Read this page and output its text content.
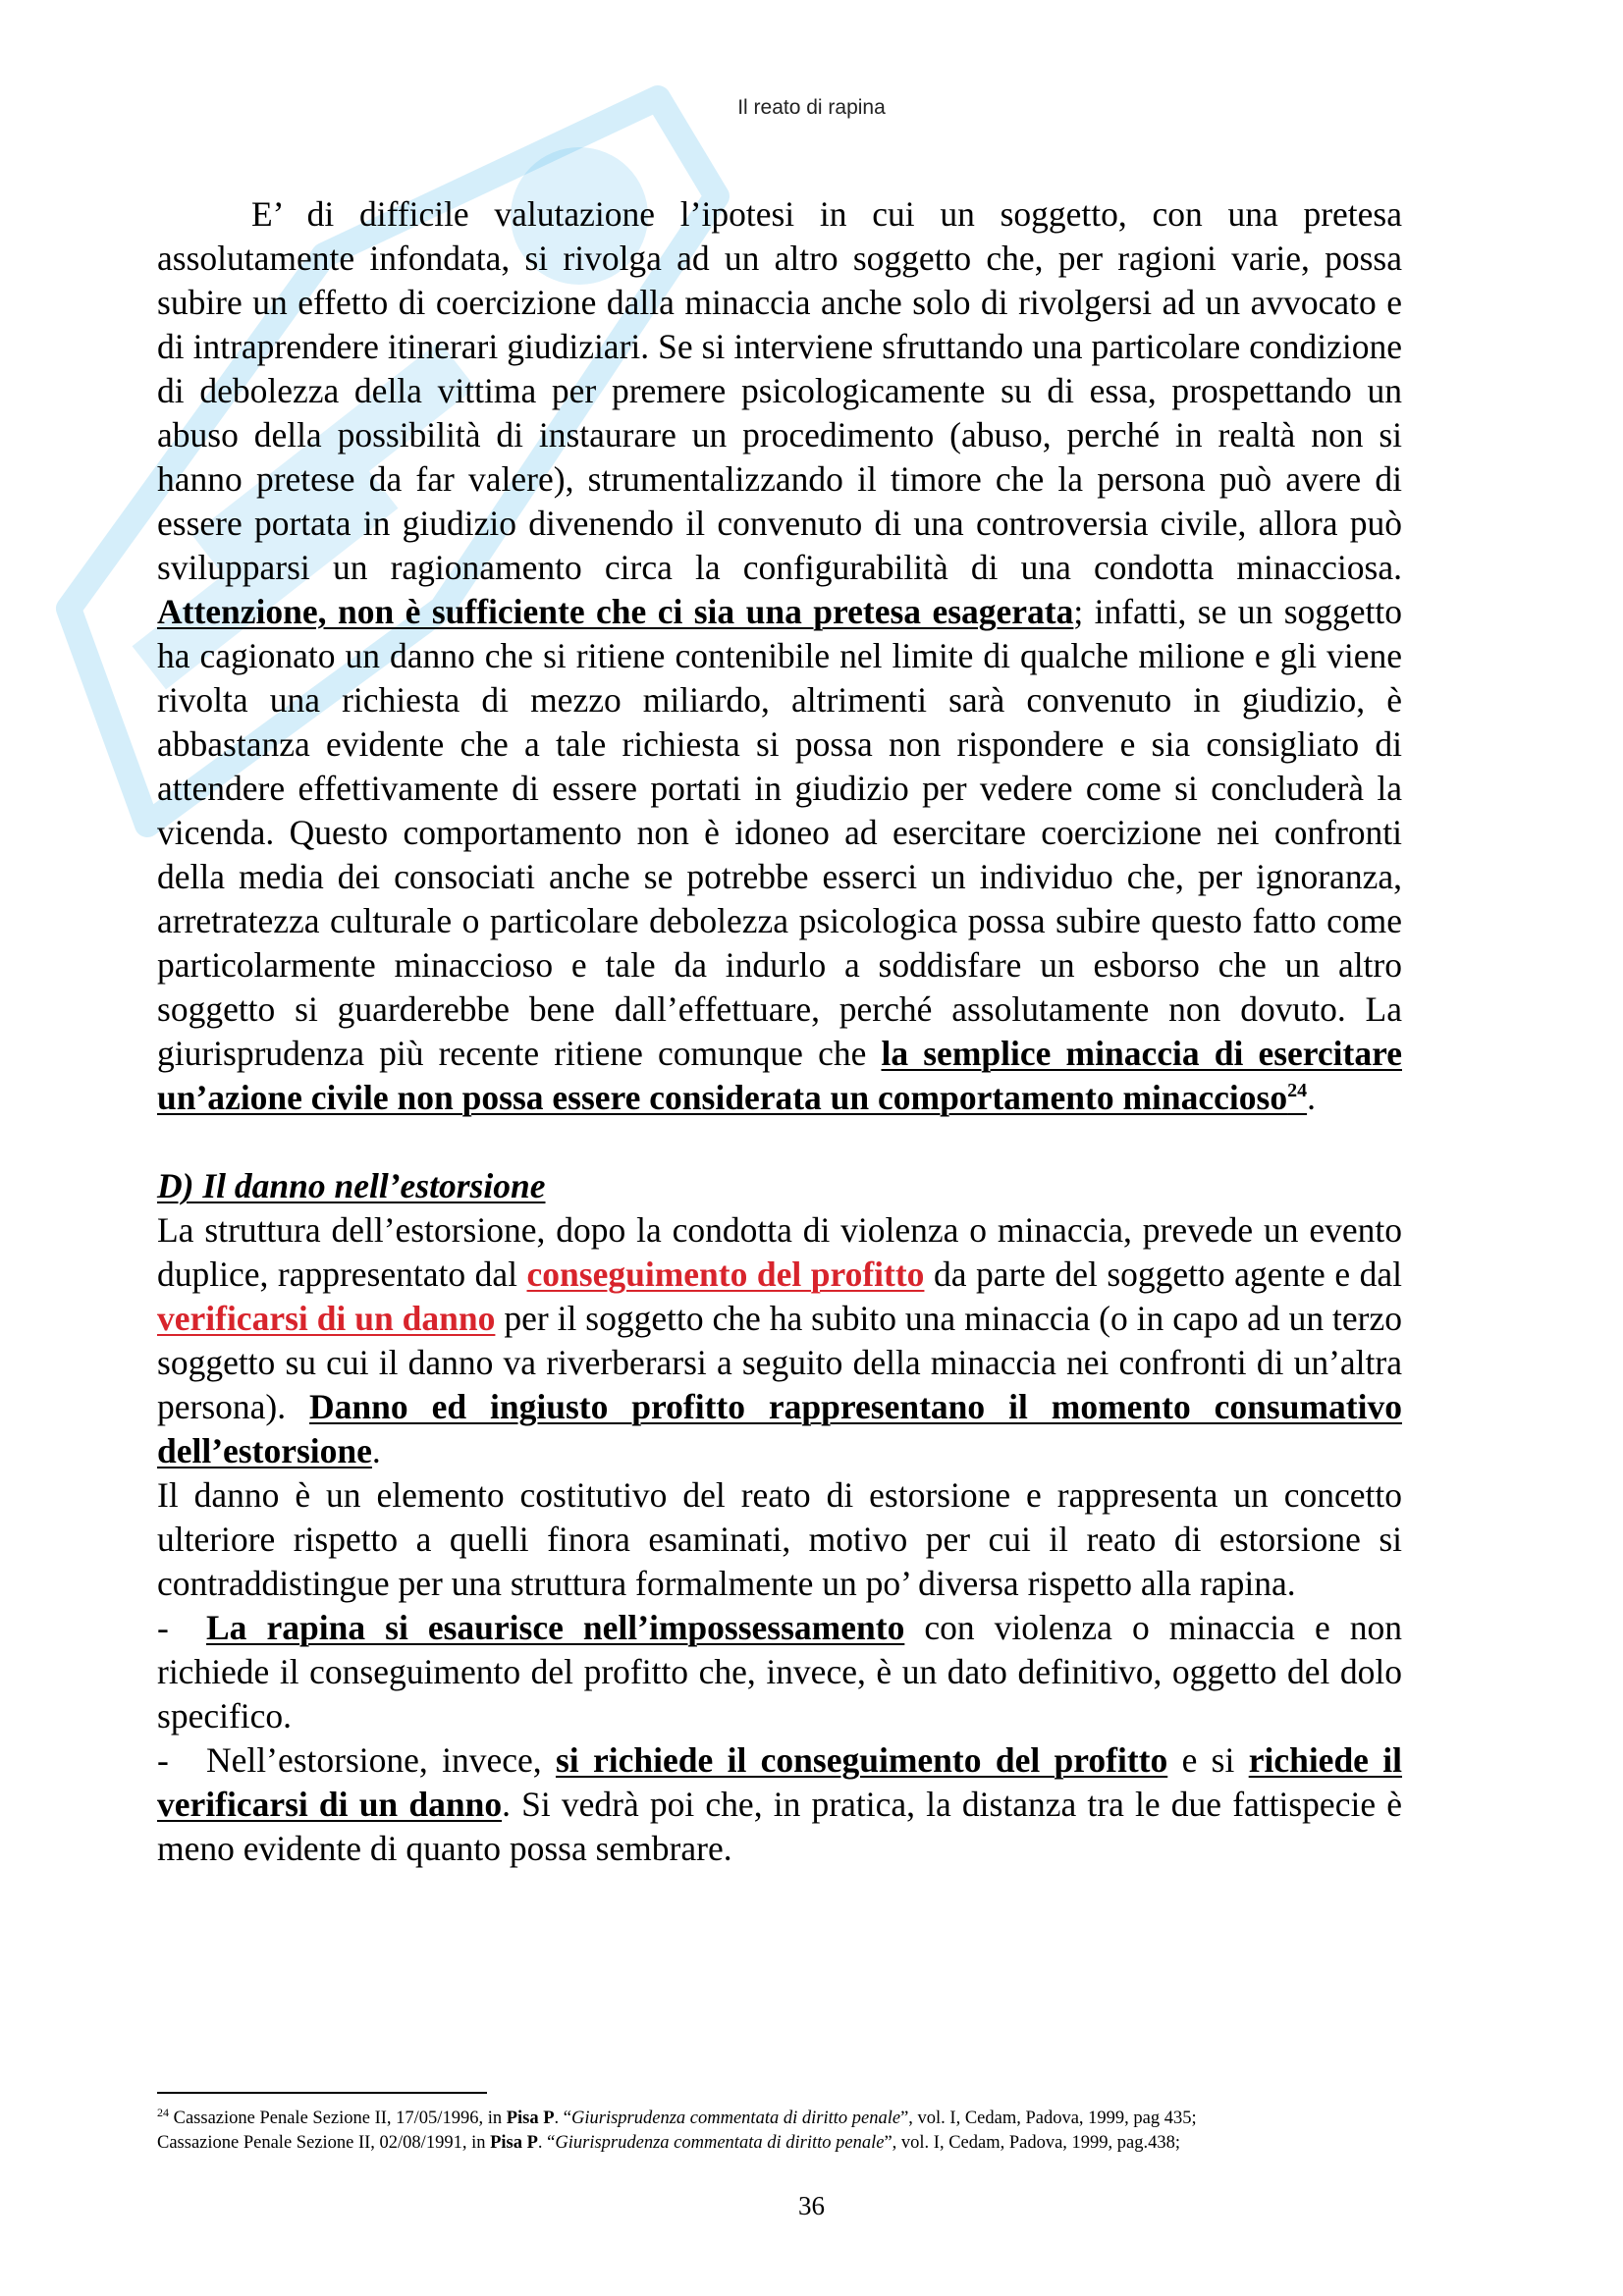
Il reato di rapina

E’ di difficile valutazione l’ipotesi in cui un soggetto, con una pretesa assolutamente infondata, si rivolga ad un altro soggetto che, per ragioni varie, possa subire un effetto di coercizione dalla minaccia anche solo di rivolgersi ad un avvocato e di intraprendere itinerari giudiziari. Se si interviene sfruttando una particolare condizione di debolezza della vittima per premere psicologicamente su di essa, prospettando un abuso della possibilità di instaurare un procedimento (abuso, perché in realtà non si hanno pretese da far valere), strumentalizzando il timore che la persona può avere di essere portata in giudizio divenendo il convenuto di una controversia civile, allora può svilupparsi un ragionamento circa la configurabilità di una condotta minacciosa. Attenzione, non è sufficiente che ci sia una pretesa esagerata; infatti, se un soggetto ha cagionato un danno che si ritiene contenibile nel limite di qualche milione e gli viene rivolta una richiesta di mezzo miliardo, altrimenti sarà convenuto in giudizio, è abbastanza evidente che a tale richiesta si possa non rispondere e sia consigliato di attendere effettivamente di essere portati in giudizio per vedere come si concluderà la vicenda. Questo comportamento non è idoneo ad esercitare coercizione nei confronti della media dei consociati anche se potrebbe esserci un individuo che, per ignoranza, arretratezza culturale o particolare debolezza psicologica possa subire questo fatto come particolarmente minaccioso e tale da indurlo a soddisfare un esborso che un altro soggetto si guarderebbe bene dall’effettuare, perché assolutamente non dovuto. La giurisprudenza più recente ritiene comunque che la semplice minaccia di esercitare un’azione civile non possa essere considerata un comportamento minaccioso$^{24}$.

D) Il danno nell’estorsione

La struttura dell’estorsione, dopo la condotta di violenza o minaccia, prevede un evento duplice, rappresentato dal conseguimento del profitto da parte del soggetto agente e dal verificarsi di un danno per il soggetto che ha subito una minaccia (o in capo ad un terzo soggetto su cui il danno va riverberarsi a seguito della minaccia nei confronti di un’altra persona). Danno ed ingiusto profitto rappresentano il momento consumativo dell’estorsione.

Il danno è un elemento costitutivo del reato di estorsione e rappresenta un concetto ulteriore rispetto a quelli finora esaminati, motivo per cui il reato di estorsione si contraddistingue per una struttura formalmente un po’ diversa rispetto alla rapina.

- La rapina si esaurisce nell’impossessamento con violenza o minaccia e non richiede il conseguimento del profitto che, invece, è un dato definitivo, oggetto del dolo specifico.

- Nell’estorsione, invece, si richiede il conseguimento del profitto e si richiede il verificarsi di un danno. Si vedrà poi che, in pratica, la distanza tra le due fattispecie è meno evidente di quanto possa sembrare.

$^{24}$ Cassazione Penale Sezione II, 17/05/1996, in Pisa P. “Giurisprudenza commentata di diritto penale”, vol. I, Cedam, Padova, 1999, pag 435;

Cassazione Penale Sezione II, 02/08/1991, in Pisa P. “Giurisprudenza commentata di diritto penale”, vol. I, Cedam, Padova, 1999, pag.438;

36
